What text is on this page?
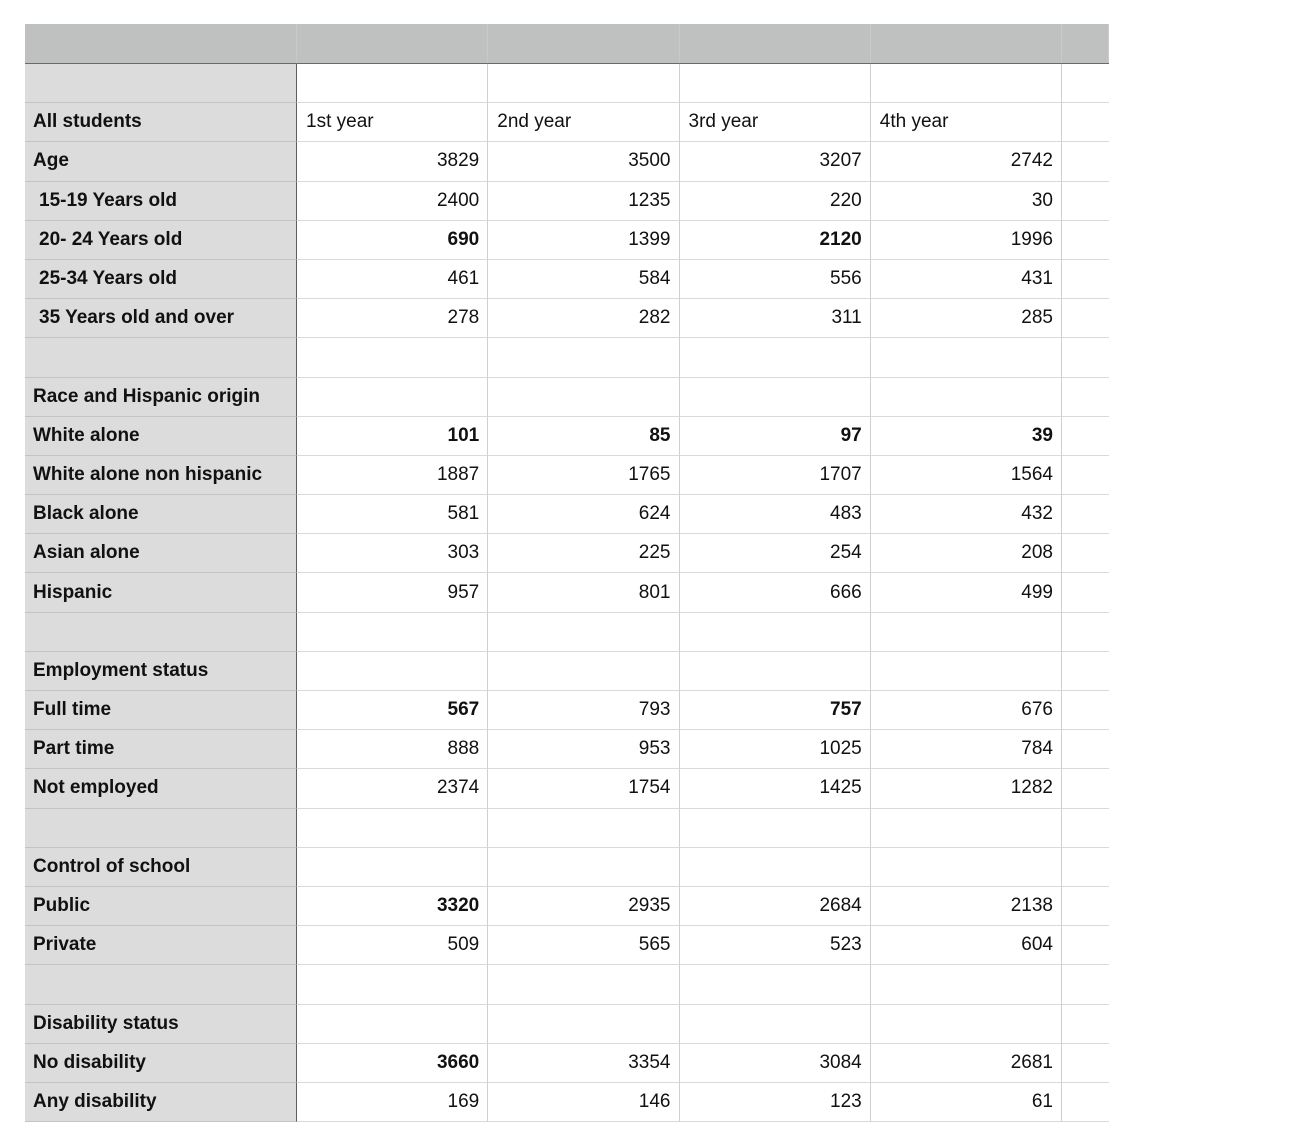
All students	1st year	2nd year	3rd year	4th year
Age	3829	3500	3207	2742
15-19 Years old	2400	1235	220	30
20- 24 Years old	690	1399	2120	1996
25-34 Years old	461	584	556	431
35 Years old and over	278	282	311	285
Race and Hispanic origin
White alone	101	85	97	39
White alone non hispanic	1887	1765	1707	1564
Black alone	581	624	483	432
Asian alone	303	225	254	208
Hispanic	957	801	666	499
Employment status
Full time	567	793	757	676
Part time	888	953	1025	784
Not employed	2374	1754	1425	1282
Control of school
Public	3320	2935	2684	2138
Private	509	565	523	604
Disability status
No disability	3660	3354	3084	2681
Any disability	169	146	123	61
